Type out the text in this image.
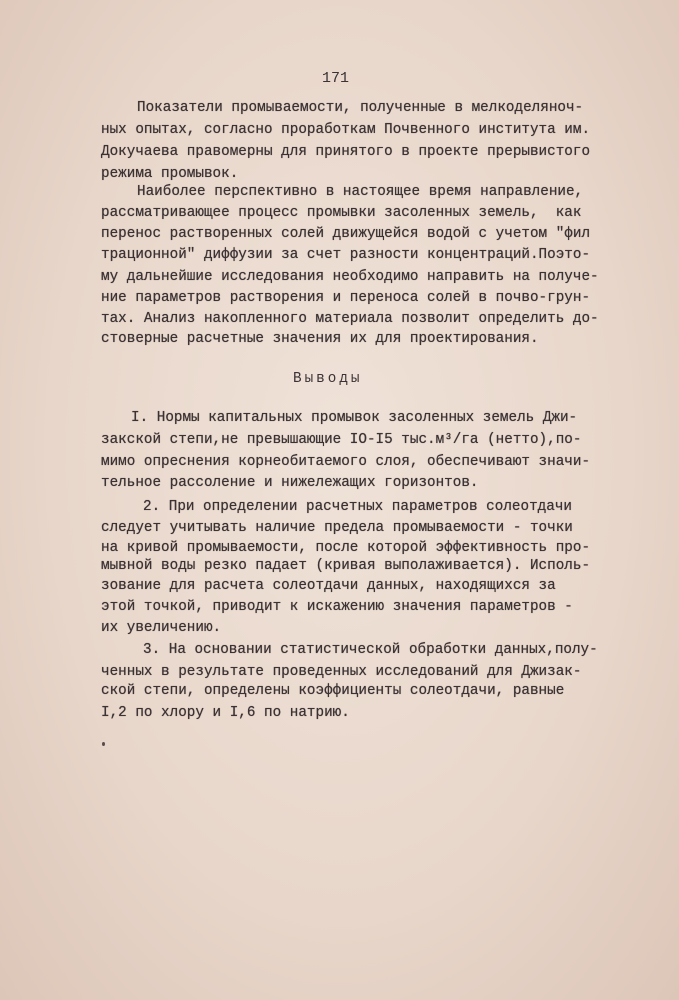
171
Показатели промываемости, полученные в мелкоделяноч-
ных опытах, согласно проработкам Почвенного института им.
Докучаева правомерны для принятого в проекте прерывистого
режима промывок.
Наиболее перспективно в настоящее время направление,
рассматривающее процесс промывки засоленных земель,  как
перенос растворенных солей движущейся водой с учетом "фил
трационной" диффузии за счет разности концентраций.Поэто-
му дальнейшие исследования необходимо направить на получе-
ние параметров растворения и переноса солей в почво-грун-
тах. Анализ накопленного материала позволит определить до-
стоверные расчетные значения их для проектирования.
Выводы
I. Нормы капитальных промывок засоленных земель Джи-
закской степи,не превышающие IO-I5 тыс.м³/га (нетто),по-
мимо опреснения корнеобитаемого слоя, обеспечивают значи-
тельное рассоление и нижележащих горизонтов.
2. При определении расчетных параметров солеотдачи
следует учитывать наличие предела промываемости - точки
на кривой промываемости, после которой эффективность про-
мывной воды резко падает (кривая выполаживается). Исполь-
зование для расчета солеотдачи данных, находящихся за
этой точкой, приводит к искажению значения параметров -
их увеличению.
3. На основании статистической обработки данных,полу-
ченных в результате проведенных исследований для Джизак-
ской степи, определены коэффициенты солеотдачи, равные
I,2 по хлору и I,6 по натрию.
